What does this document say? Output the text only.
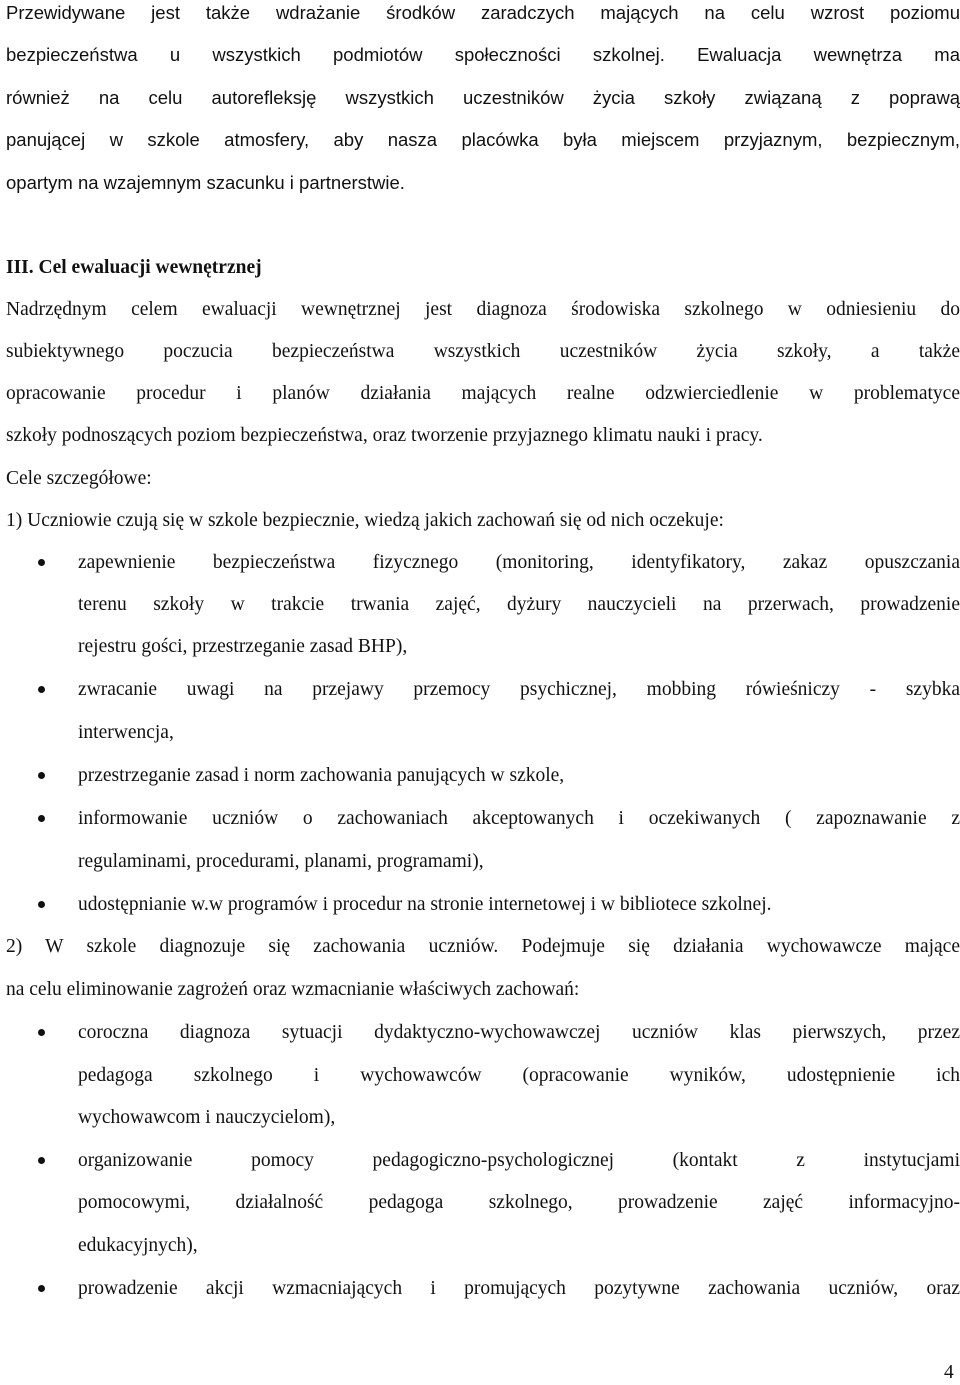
Przewidywane jest także wdrażanie środków zaradczych mających na celu wzrost poziomu
bezpieczeństwa u wszystkich podmiotów społeczności szkolnej. Ewaluacja wewnętrza ma
również na celu autorefleksję wszystkich uczestników życia szkoły związaną z poprawą
panującej w szkole atmosfery, aby nasza placówka była miejscem przyjaznym, bezpiecznym,
opartym na wzajemnym szacunku i partnerstwie.
III. Cel ewaluacji wewnętrznej
Nadrzędnym celem ewaluacji wewnętrznej jest diagnoza środowiska szkolnego w odniesieniu do
subiektywnego poczucia bezpieczeństwa wszystkich uczestników życia szkoły, a także
opracowanie procedur i planów działania mających realne odzwierciedlenie w problematyce
szkoły podnoszących poziom bezpieczeństwa, oraz tworzenie przyjaznego klimatu nauki i pracy.
Cele szczegółowe:
1) Uczniowie czują się w szkole bezpiecznie, wiedzą jakich zachowań się od nich oczekuje:
zapewnienie bezpieczeństwa fizycznego (monitoring, identyfikatory, zakaz opuszczania
terenu szkoły w trakcie trwania zajęć, dyżury nauczycieli na przerwach, prowadzenie
rejestru gości, przestrzeganie zasad BHP),
zwracanie uwagi na przejawy przemocy psychicznej, mobbing rówieśniczy - szybka
interwencja,
przestrzeganie zasad i norm zachowania panujących w szkole,
informowanie uczniów o zachowaniach akceptowanych i oczekiwanych ( zapoznawanie z
regulaminami, procedurami, planami, programami),
udostępnianie w.w programów i procedur na stronie internetowej i w bibliotece szkolnej.
2) W szkole diagnozuje się zachowania uczniów. Podejmuje się działania wychowawcze mające
na celu eliminowanie zagrożeń oraz wzmacnianie właściwych zachowań:
coroczna diagnoza sytuacji dydaktyczno-wychowawczej uczniów klas pierwszych, przez
pedagoga szkolnego i wychowawców (opracowanie wyników, udostępnienie ich
wychowawcom i nauczycielom),
organizowanie pomocy pedagogiczno-psychologicznej (kontakt z instytucjami
pomocowymi, działalność pedagoga szkolnego, prowadzenie zajęć informacyjno-
edukacyjnych),
prowadzenie akcji wzmacniających i promujących pozytywne zachowania uczniów, oraz
4
